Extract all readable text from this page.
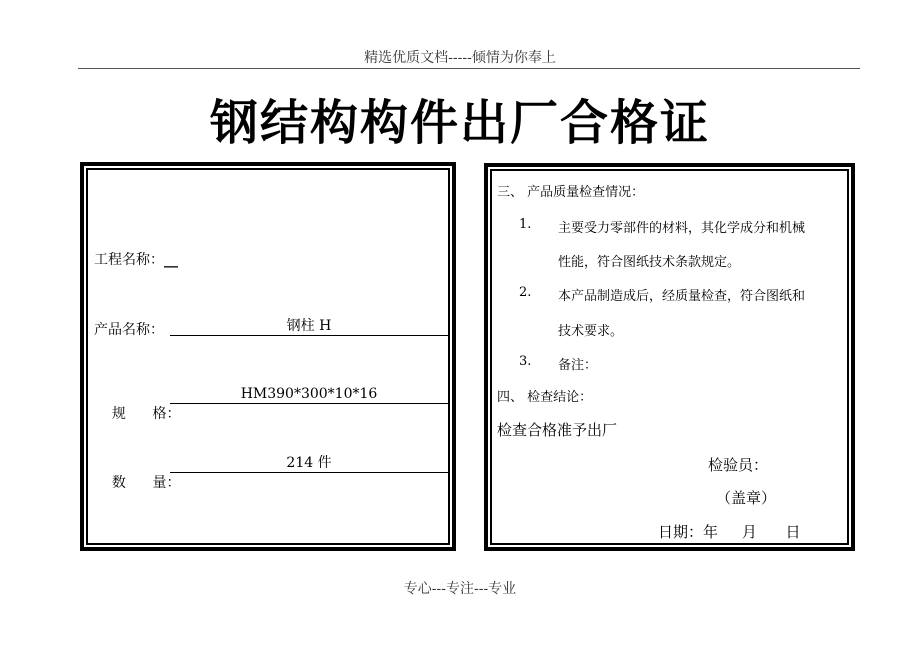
精选优质文档-----倾情为你奉上
钢结构构件出厂合格证
工程名称：__
产品名称：	钢柱 H

规      格：

HM390*300*10*16

数      量：

214 件
三、 产品质量检查情况：
1. 主要受力零部件的材料，其化学成分和机械
性能，符合图纸技术条款规定。
2. 本产品制造成后，经质量检查，符合图纸和
技术要求。
3. 备注：
四、 检查结论：
检查合格准予出厂
检验员：
（盖章）
日期：年     月      日
专心---专注---专业
